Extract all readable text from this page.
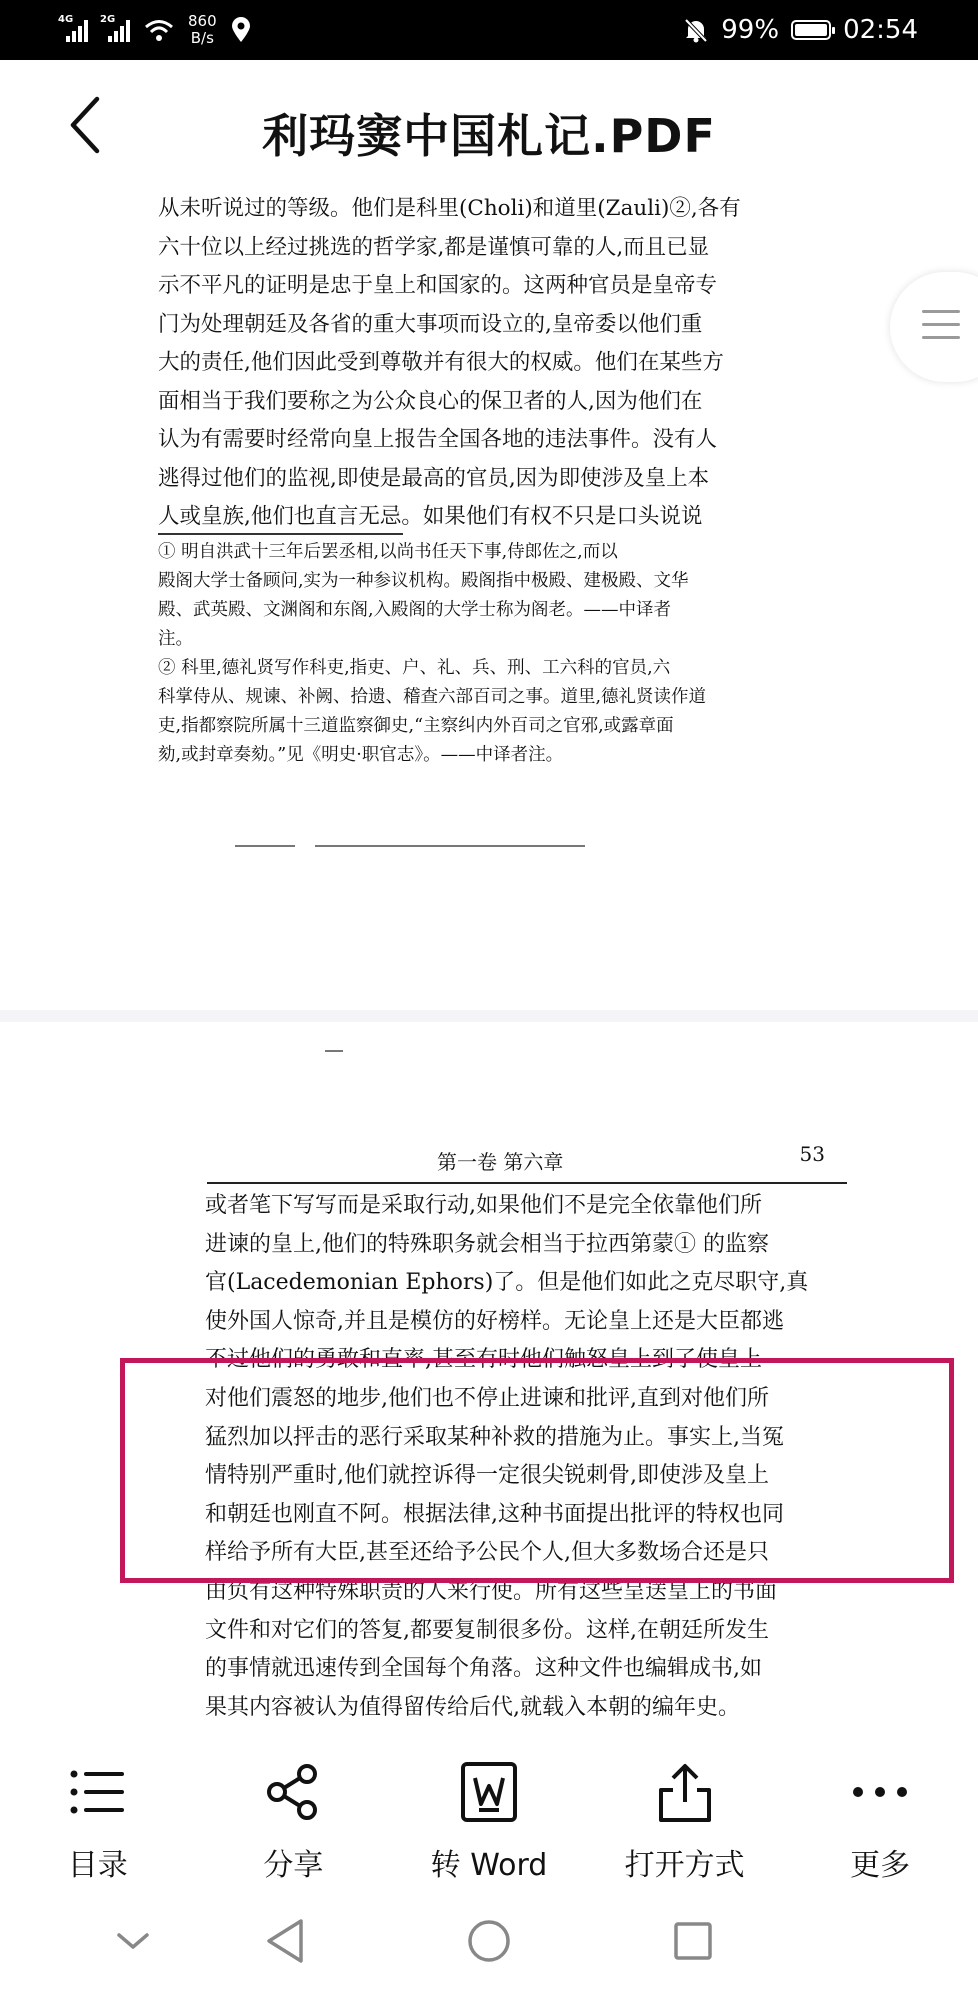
4G	2G	860
B/s	99% 02:54
利玛窦中国札记.PDF
从未听说过的等级。他们是科里(Choli)和道里(Zauli)②,各有
六十位以上经过挑选的哲学家,都是谨慎可靠的人,而且已显
示不平凡的证明是忠于皇上和国家的。这两种官员是皇帝专
门为处理朝廷及各省的重大事项而设立的,皇帝委以他们重
大的责任,他们因此受到尊敬并有很大的权威。他们在某些方
面相当于我们要称之为公众良心的保卫者的人,因为他们在
认为有需要时经常向皇上报告全国各地的违法事件。没有人
逃得过他们的监视,即使是最高的官员,因为即使涉及皇上本
人或皇族,他们也直言无忌。如果他们有权不只是口头说说
① 明自洪武十三年后罢丞相,以尚书任天下事,侍郎佐之,而以
殿阁大学士备顾问,实为一种参议机构。殿阁指中极殿、建极殿、文华
殿、武英殿、文渊阁和东阁,入殿阁的大学士称为阁老。——中译者
注。
② 科里,德礼贤写作科吏,指吏、户、礼、兵、刑、工六科的官员,六
科掌侍从、规谏、补阙、拾遗、稽查六部百司之事。道里,德礼贤读作道
吏,指都察院所属十三道监察御史,“主察纠内外百司之官邪,或露章面
劾,或封章奏劾。”见《明史·职官志》。——中译者注。
第一卷 第六章	53
或者笔下写写而是采取行动,如果他们不是完全依靠他们所
进谏的皇上,他们的特殊职务就会相当于拉西第蒙① 的监察
官(Lacedemonian Ephors)了。但是他们如此之克尽职守,真
使外国人惊奇,并且是模仿的好榜样。无论皇上还是大臣都逃
不过他们的勇敢和直率,甚至有时他们触怒皇上到了使皇上
对他们震怒的地步,他们也不停止进谏和批评,直到对他们所
猛烈加以抨击的恶行采取某种补救的措施为止。事实上,当冤
情特别严重时,他们就控诉得一定很尖锐刺骨,即使涉及皇上
和朝廷也刚直不阿。根据法律,这种书面提出批评的特权也同
样给予所有大臣,甚至还给予公民个人,但大多数场合还是只
由负有这种特殊职责的人来行使。所有这些呈送皇上的书面
文件和对它们的答复,都要复制很多份。这样,在朝廷所发生
的事情就迅速传到全国每个角落。这种文件也编辑成书,如
果其内容被认为值得留传给后代,就载入本朝的编年史。
目录	分享	转 Word	打开方式	更多
